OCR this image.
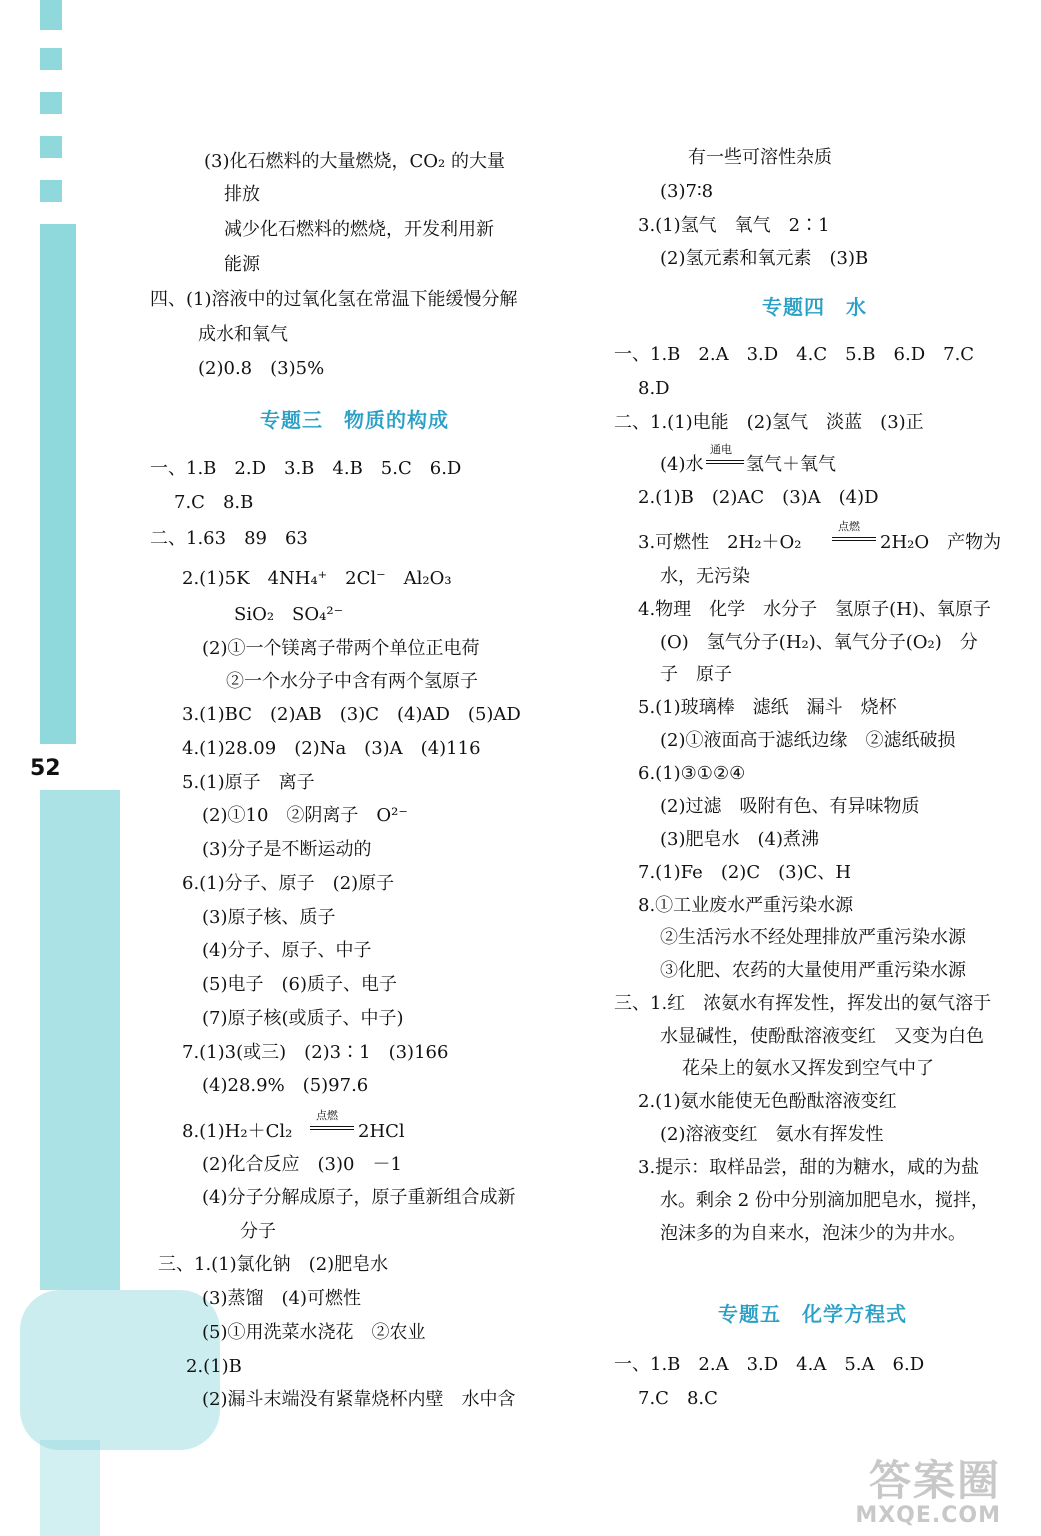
52
(3)化石燃料的大量燃烧，CO₂ 的大量
排放
减少化石燃料的燃烧，开发利用新
能源
四、(1)溶液中的过氧化氢在常温下能缓慢分解
成水和氧气
(2)0.8　(3)5%
专题三　物质的构成
一、1.B　2.D　3.B　4.B　5.C　6.D
7.C　8.B
二、1.63　89　63
2.(1)5K　4NH₄⁺　2Cl⁻　Al₂O₃
SiO₂　SO₄²⁻
(2)①一个镁离子带两个单位正电荷
②一个水分子中含有两个氢原子
3.(1)BC　(2)AB　(3)C　(4)AD　(5)AD
4.(1)28.09　(2)Na　(3)A　(4)116
5.(1)原子　离子
(2)①10　②阴离子　O²⁻
(3)分子是不断运动的
6.(1)分子、原子　(2)原子
(3)原子核、质子
(4)分子、原子、中子
(5)电子　(6)质子、电子
(7)原子核(或质子、中子)
7.(1)3(或三)　(2)3∶1　(3)166
(4)28.9%　(5)97.6
8.(1)H₂＋Cl₂
点燃
2HCl
(2)化合反应　(3)0　－1
(4)分子分解成原子，原子重新组合成新
分子
三、1.(1)氯化钠　(2)肥皂水
(3)蒸馏　(4)可燃性
(5)①用洗菜水浇花　②农业
2.(1)B
(2)漏斗末端没有紧靠烧杯内壁　水中含
有一些可溶性杂质
(3)7∶8
3.(1)氢气　氧气　2∶1
(2)氢元素和氧元素　(3)B
专题四　水
一、1.B　2.A　3.D　4.C　5.B　6.D　7.C
8.D
二、1.(1)电能　(2)氢气　淡蓝　(3)正
(4)水
通电
氢气＋氧气
2.(1)B　(2)AC　(3)A　(4)D
3.可燃性　2H₂＋O₂
点燃
2H₂O　产物为
水，无污染
4.物理　化学　水分子　氢原子(H)、氧原子
(O)　氢气分子(H₂)、氧气分子(O₂)　分
子　原子
5.(1)玻璃棒　滤纸　漏斗　烧杯
(2)①液面高于滤纸边缘　②滤纸破损
6.(1)③①②④
(2)过滤　吸附有色、有异味物质
(3)肥皂水　(4)煮沸
7.(1)Fe　(2)C　(3)C、H
8.①工业废水严重污染水源
②生活污水不经处理排放严重污染水源
③化肥、农药的大量使用严重污染水源
三、1.红　浓氨水有挥发性，挥发出的氨气溶于
水显碱性，使酚酞溶液变红　又变为白色
花朵上的氨水又挥发到空气中了
2.(1)氨水能使无色酚酞溶液变红
(2)溶液变红　氨水有挥发性
3.提示：取样品尝，甜的为糖水，咸的为盐
水。剩余 2 份中分别滴加肥皂水，搅拌，
泡沫多的为自来水，泡沫少的为井水。
专题五　化学方程式
一、1.B　2.A　3.D　4.A　5.A　6.D
7.C　8.C
答案圈
MXQE.COM
